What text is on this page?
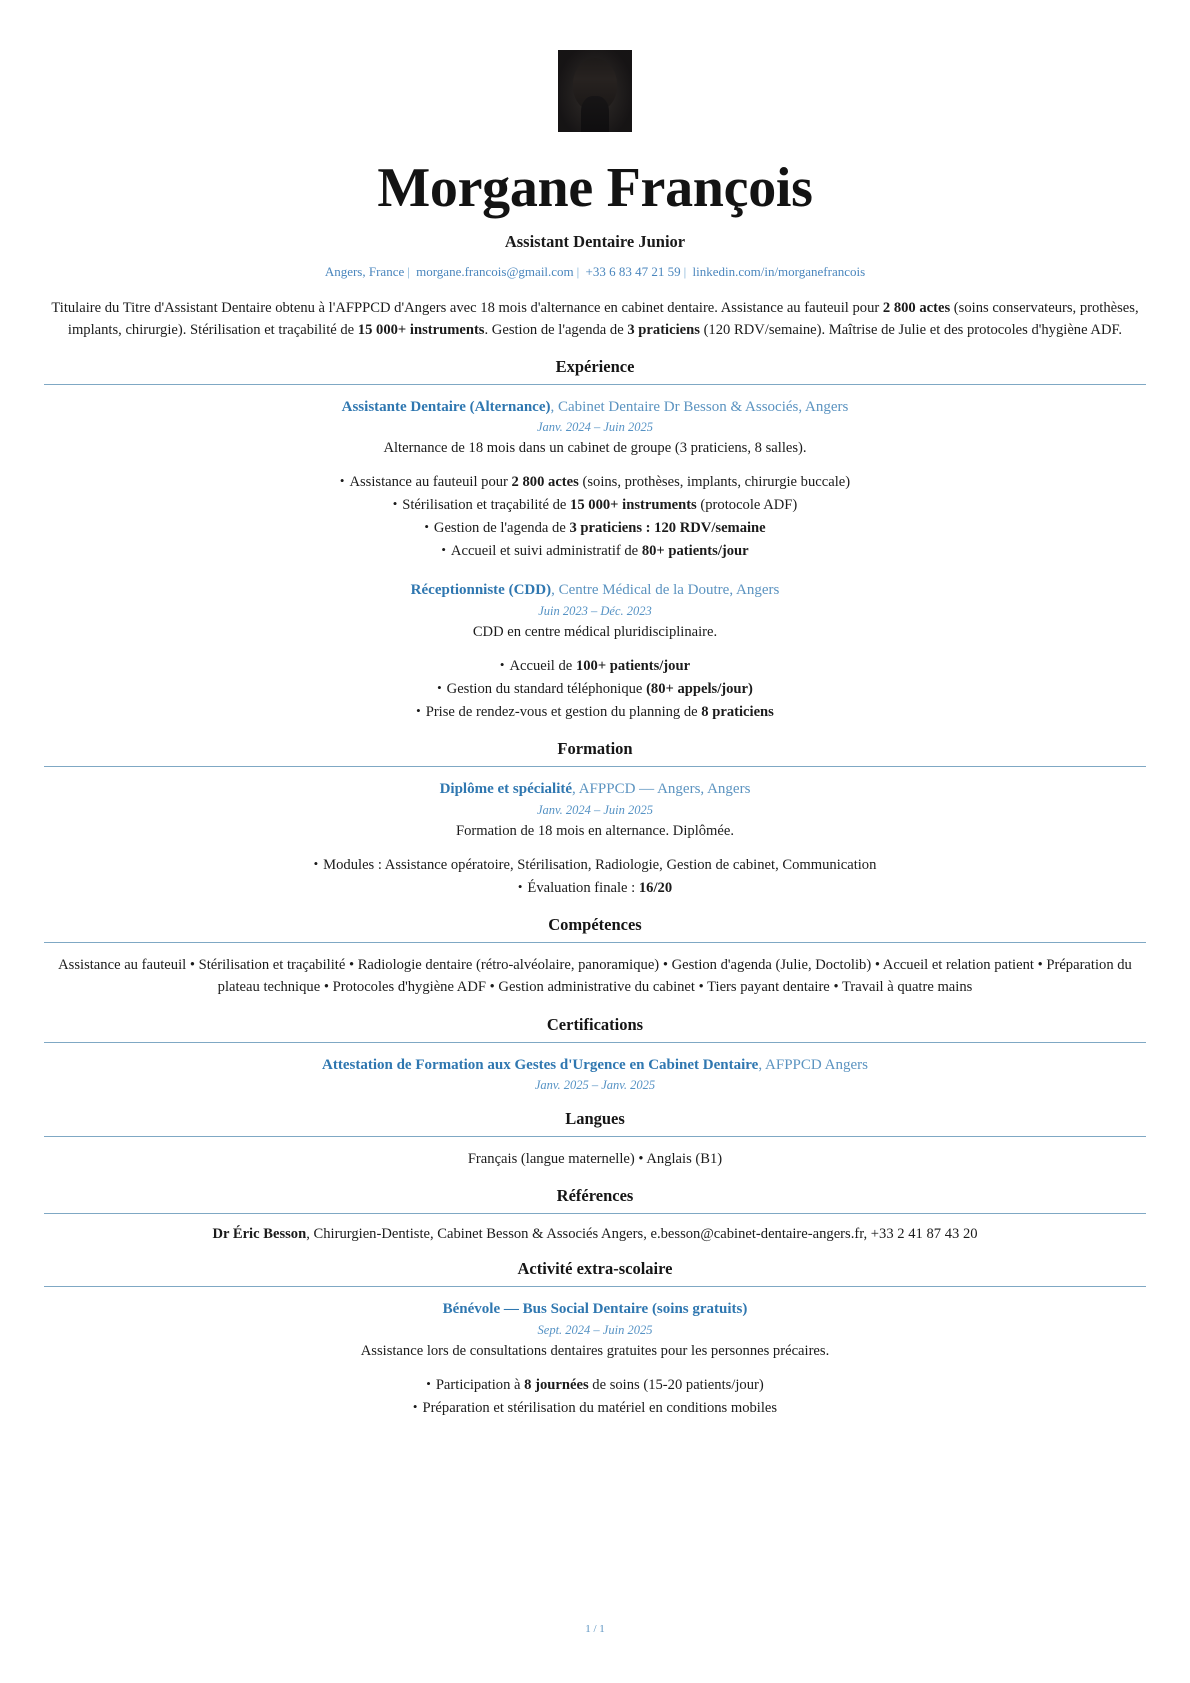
Morgane François
Assistant Dentaire Junior
Angers, France | morgane.francois@gmail.com | +33 6 83 47 21 59 | linkedin.com/in/morganefrancois

Titulaire du Titre d'Assistant Dentaire obtenu à l'AFPPCD d'Angers avec 18 mois d'alternance en cabinet dentaire. Assistance au fauteuil pour 2 800 actes (soins conservateurs, prothèses, implants, chirurgie). Stérilisation et traçabilité de 15 000+ instruments. Gestion de l'agenda de 3 praticiens (120 RDV/semaine). Maîtrise de Julie et des protocoles d'hygiène ADF.

Expérience
Assistante Dentaire (Alternance), Cabinet Dentaire Dr Besson & Associés, Angers
Janv. 2024 – Juin 2025
Alternance de 18 mois dans un cabinet de groupe (3 praticiens, 8 salles).
• Assistance au fauteuil pour 2 800 actes (soins, prothèses, implants, chirurgie buccale)
• Stérilisation et traçabilité de 15 000+ instruments (protocole ADF)
• Gestion de l'agenda de 3 praticiens : 120 RDV/semaine
• Accueil et suivi administratif de 80+ patients/jour
Réceptionniste (CDD), Centre Médical de la Doutre, Angers
Juin 2023 – Déc. 2023
CDD en centre médical pluridisciplinaire.
• Accueil de 100+ patients/jour
• Gestion du standard téléphonique (80+ appels/jour)
• Prise de rendez-vous et gestion du planning de 8 praticiens
Formation
Diplôme et spécialité, AFPPCD — Angers, Angers
Janv. 2024 – Juin 2025
Formation de 18 mois en alternance. Diplômée.
• Modules : Assistance opératoire, Stérilisation, Radiologie, Gestion de cabinet, Communication
• Évaluation finale : 16/20
Compétences
Assistance au fauteuil • Stérilisation et traçabilité • Radiologie dentaire (rétro-alvéolaire, panoramique) • Gestion d'agenda (Julie, Doctolib) • Accueil et relation patient • Préparation du plateau technique • Protocoles d'hygiène ADF • Gestion administrative du cabinet • Tiers payant dentaire • Travail à quatre mains
Certifications
Attestation de Formation aux Gestes d'Urgence en Cabinet Dentaire, AFPPCD Angers
Janv. 2025 – Janv. 2025
Langues
Français (langue maternelle) • Anglais (B1)
Références
Dr Éric Besson, Chirurgien-Dentiste, Cabinet Besson & Associés Angers, e.besson@cabinet-dentaire-angers.fr, +33 2 41 87 43 20
Activité extra-scolaire
Bénévole — Bus Social Dentaire (soins gratuits)
Sept. 2024 – Juin 2025
Assistance lors de consultations dentaires gratuites pour les personnes précaires.
• Participation à 8 journées de soins (15-20 patients/jour)
• Préparation et stérilisation du matériel en conditions mobiles
1 / 1
